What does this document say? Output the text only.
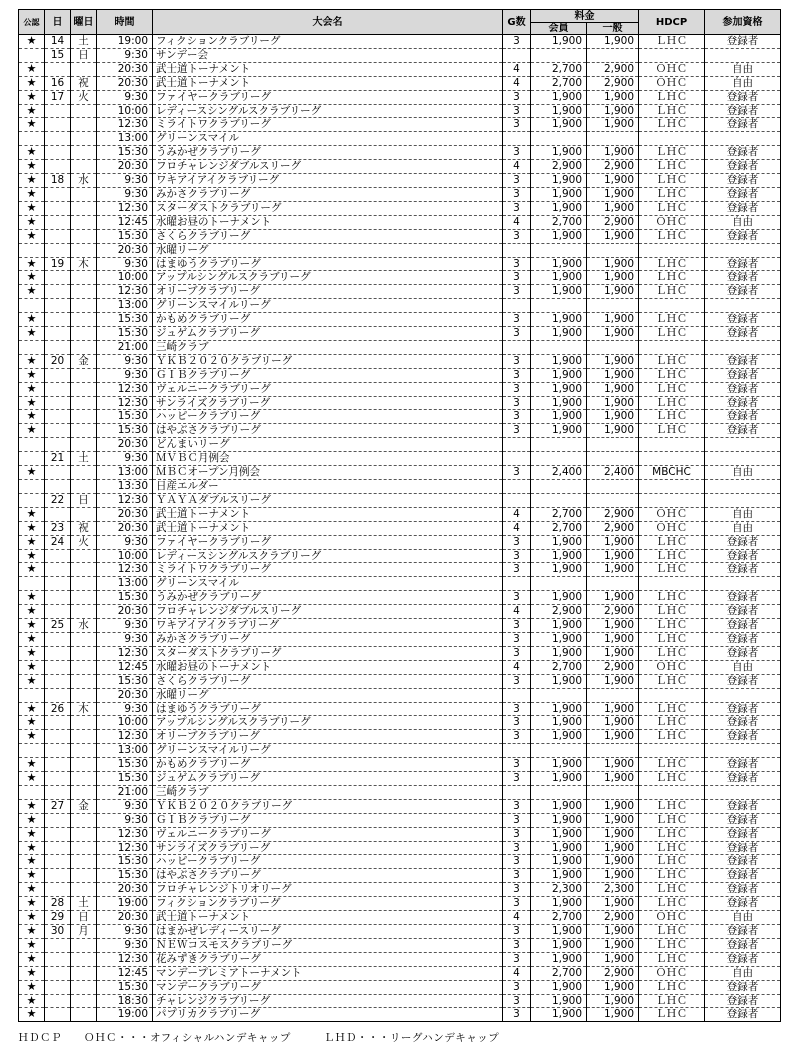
公認	日	曜日	時間	大会名	G数	料金		HDCP	参加資格
						会員	一般		
★	14	土	19:00	フィクションクラブリーグ	3	1,900	1,900	ＬＨＣ	登録者
	15	日	9:30	サンデー会					
★			20:30	武士道トーナメント	4	2,700	2,900	ＯＨＣ	自由
★	16	祝	20:30	武士道トーナメント	4	2,700	2,900	ＯＨＣ	自由
★	17	火	9:30	ファイヤークラブリーグ	3	1,900	1,900	ＬＨＣ	登録者
★			10:00	レディースシングルスクラブリーグ	3	1,900	1,900	ＬＨＣ	登録者
★			12:30	ミライトワクラブリーグ	3	1,900	1,900	ＬＨＣ	登録者
			13:00	グリーンスマイル					
★			15:30	うみかぜクラブリーグ	3	1,900	1,900	ＬＨＣ	登録者
★			20:30	フロチャレンジダブルスリーグ	4	2,900	2,900	ＬＨＣ	登録者
★	18	水	9:30	ワキアイアイクラブリーグ	3	1,900	1,900	ＬＨＣ	登録者
★			9:30	みかさクラブリーグ	3	1,900	1,900	ＬＨＣ	登録者
★			12:30	スターダストクラブリーグ	3	1,900	1,900	ＬＨＣ	登録者
★			12:45	水曜お昼のトーナメント	4	2,700	2,900	ＯＨＣ	自由
★			15:30	さくらクラブリーグ	3	1,900	1,900	ＬＨＣ	登録者
			20:30	水曜リーグ					
★	19	木	9:30	はまゆうクラブリーグ	3	1,900	1,900	ＬＨＣ	登録者
★			10:00	アップルシングルスクラブリーグ	3	1,900	1,900	ＬＨＣ	登録者
★			12:30	オリーブクラブリーグ	3	1,900	1,900	ＬＨＣ	登録者
			13:00	グリーンスマイルリーグ					
★			15:30	かもめクラブリーグ	3	1,900	1,900	ＬＨＣ	登録者
★			15:30	ジュゲムクラブリーグ	3	1,900	1,900	ＬＨＣ	登録者
			21:00	三崎クラブ					
★	20	金	9:30	ＹＫＢ２０２０クラブリーグ	3	1,900	1,900	ＬＨＣ	登録者
★			9:30	ＧＩＢクラブリーグ	3	1,900	1,900	ＬＨＣ	登録者
★			12:30	ヴェルニークラブリーグ	3	1,900	1,900	ＬＨＣ	登録者
★			12:30	サンライズクラブリーグ	3	1,900	1,900	ＬＨＣ	登録者
★			15:30	ハッピークラブリーグ	3	1,900	1,900	ＬＨＣ	登録者
★			15:30	はやぶさクラブリーグ	3	1,900	1,900	ＬＨＣ	登録者
			20:30	どんまいリーグ					
	21	土	9:30	ＭＶＢＣ月例会					
★			13:00	ＭＢＣオープン月例会	3	2,400	2,400	MBCHC	自由
			13:30	日産エルダー					
	22	日	12:30	ＹＡＹＡダブルスリーグ					
★			20:30	武士道トーナメント	4	2,700	2,900	ＯＨＣ	自由
★	23	祝	20:30	武士道トーナメント	4	2,700	2,900	ＯＨＣ	自由
★	24	火	9:30	ファイヤークラブリーグ	3	1,900	1,900	ＬＨＣ	登録者
★			10:00	レディースシングルスクラブリーグ	3	1,900	1,900	ＬＨＣ	登録者
★			12:30	ミライトワクラブリーグ	3	1,900	1,900	ＬＨＣ	登録者
			13:00	グリーンスマイル					
★			15:30	うみかぜクラブリーグ	3	1,900	1,900	ＬＨＣ	登録者
★			20:30	フロチャレンジダブルスリーグ	4	2,900	2,900	ＬＨＣ	登録者
★	25	水	9:30	ワキアイアイクラブリーグ	3	1,900	1,900	ＬＨＣ	登録者
★			9:30	みかさクラブリーグ	3	1,900	1,900	ＬＨＣ	登録者
★			12:30	スターダストクラブリーグ	3	1,900	1,900	ＬＨＣ	登録者
★			12:45	水曜お昼のトーナメント	4	2,700	2,900	ＯＨＣ	自由
★			15:30	さくらクラブリーグ	3	1,900	1,900	ＬＨＣ	登録者
			20:30	水曜リーグ					
★	26	木	9:30	はまゆうクラブリーグ	3	1,900	1,900	ＬＨＣ	登録者
★			10:00	アップルシングルスクラブリーグ	3	1,900	1,900	ＬＨＣ	登録者
★			12:30	オリーブクラブリーグ	3	1,900	1,900	ＬＨＣ	登録者
			13:00	グリーンスマイルリーグ					
★			15:30	かもめクラブリーグ	3	1,900	1,900	ＬＨＣ	登録者
★			15:30	ジュゲムクラブリーグ	3	1,900	1,900	ＬＨＣ	登録者
			21:00	三崎クラブ					
★	27	金	9:30	ＹＫＢ２０２０クラブリーグ	3	1,900	1,900	ＬＨＣ	登録者
★			9:30	ＧＩＢクラブリーグ	3	1,900	1,900	ＬＨＣ	登録者
★			12:30	ヴェルニークラブリーグ	3	1,900	1,900	ＬＨＣ	登録者
★			12:30	サンライズクラブリーグ	3	1,900	1,900	ＬＨＣ	登録者
★			15:30	ハッピークラブリーグ	3	1,900	1,900	ＬＨＣ	登録者
★			15:30	はやぶさクラブリーグ	3	1,900	1,900	ＬＨＣ	登録者
★			20:30	フロチャレンジトリオリーグ	3	2,300	2,300	ＬＨＣ	登録者
★	28	土	19:00	フィクションクラブリーグ	3	1,900	1,900	ＬＨＣ	登録者
★	29	日	20:30	武士道トーナメント	4	2,700	2,900	ＯＨＣ	自由
★	30	月	9:30	はまかぜレディースリーグ	3	1,900	1,900	ＬＨＣ	登録者
★			9:30	ＮＥＷコスモスクラブリーグ	3	1,900	1,900	ＬＨＣ	登録者
★			12:30	花みずきクラブリーグ	3	1,900	1,900	ＬＨＣ	登録者
★			12:45	マンデープレミアトーナメント	4	2,700	2,900	ＯＨＣ	自由
★			15:30	マンデークラブリーグ	3	1,900	1,900	ＬＨＣ	登録者
★			18:30	チャレンジクラブリーグ	3	1,900	1,900	ＬＨＣ	登録者
★			19:00	パプリカクラブリーグ	3	1,900	1,900	ＬＨＣ	登録者
ＨＤＣＰ　　ＯＨＣ・・・オフィシャルハンデキャップ　　　ＬＨＤ・・・リーグハンデキャップ
